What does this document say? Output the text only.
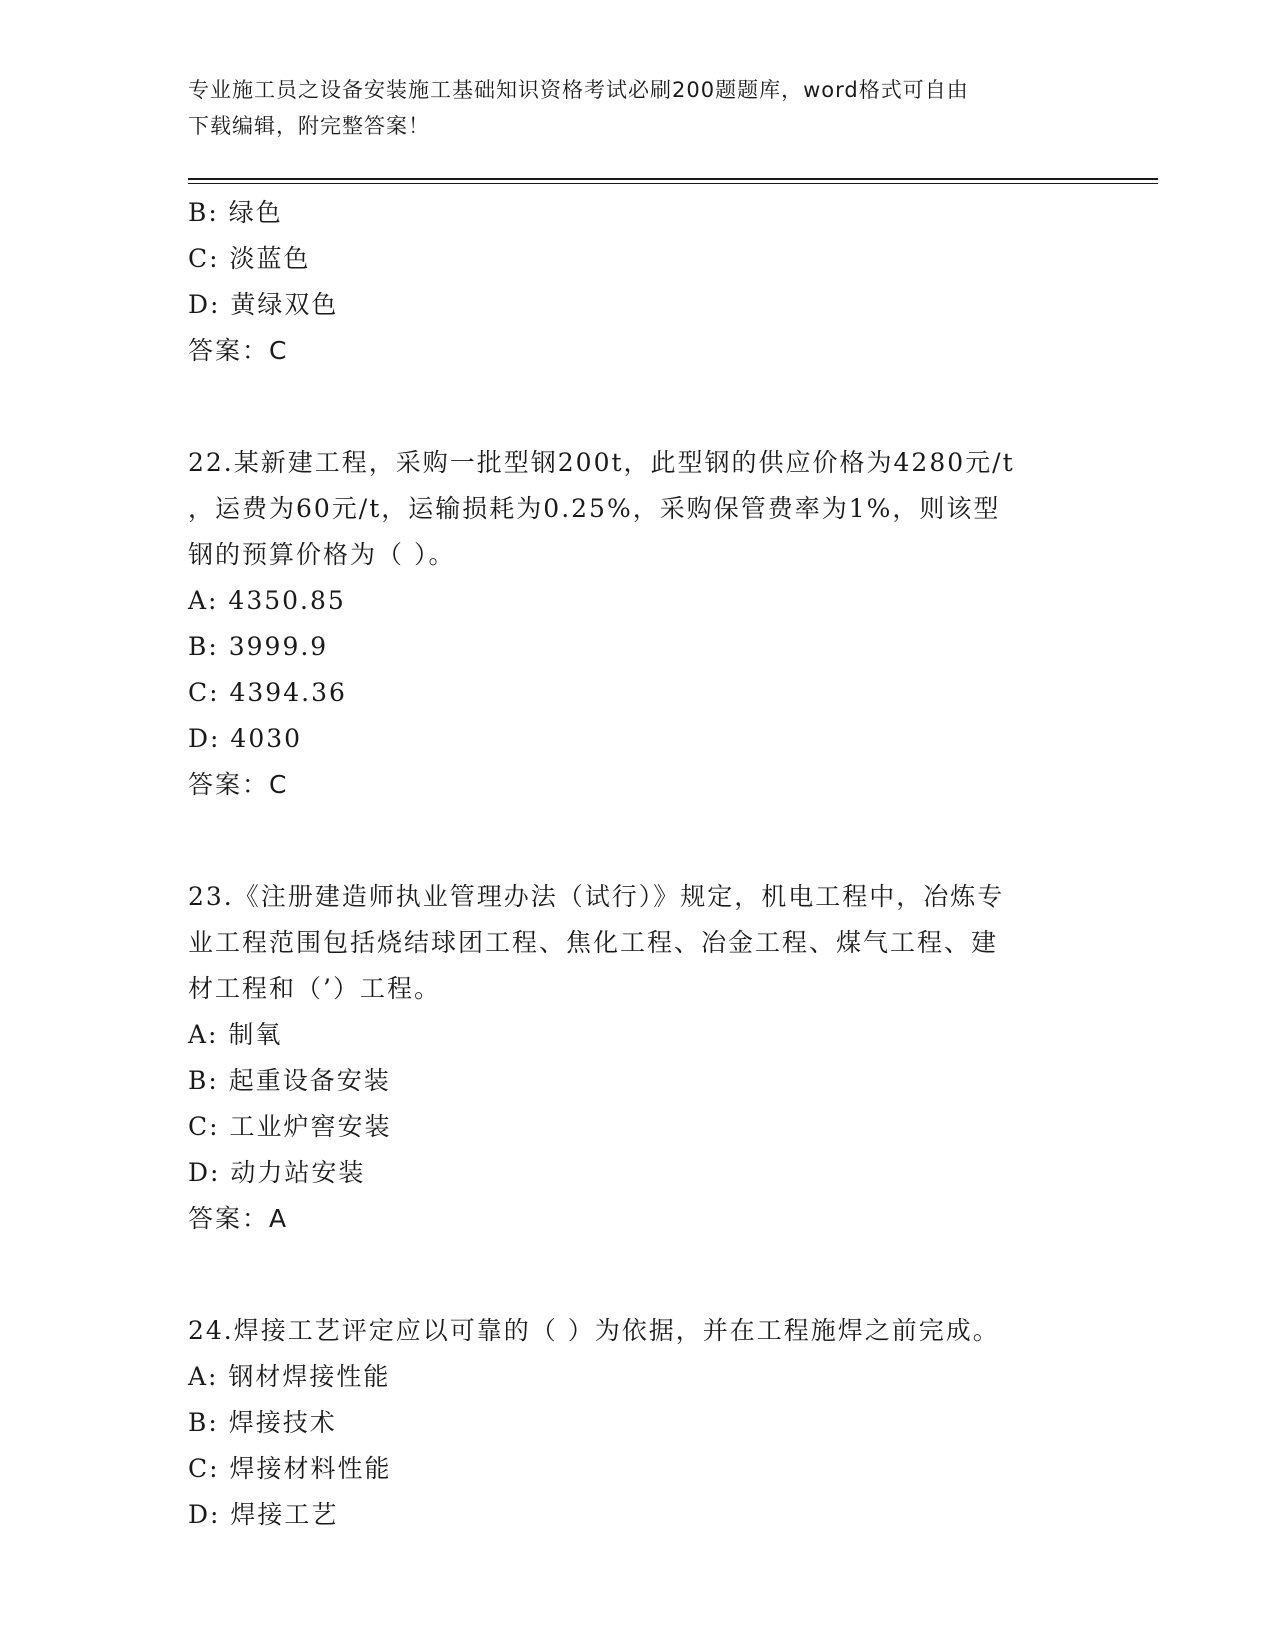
专业施工员之设备安装施工基础知识资格考试必刷200题题库，word格式可自由
下载编辑，附完整答案！
B: 绿色
C: 淡蓝色
D: 黄绿双色
答案：C
22.某新建工程，采购一批型钢200t，此型钢的供应价格为4280元/t
，运费为60元/t，运输损耗为0.25%，采购保管费率为1%，则该型
钢的预算价格为（ ）。
A: 4350.85
B: 3999.9
C: 4394.36
D: 4030
答案：C
23.《注册建造师执业管理办法（试行）》规定，机电工程中，冶炼专
业工程范围包括烧结球团工程、焦化工程、冶金工程、煤气工程、建
材工程和（’）工程。
A: 制氧
B: 起重设备安装
C: 工业炉窖安装
D: 动力站安装
答案：A
24.焊接工艺评定应以可靠的（ ）为依据，并在工程施焊之前完成。
A: 钢材焊接性能
B: 焊接技术
C: 焊接材料性能
D: 焊接工艺
